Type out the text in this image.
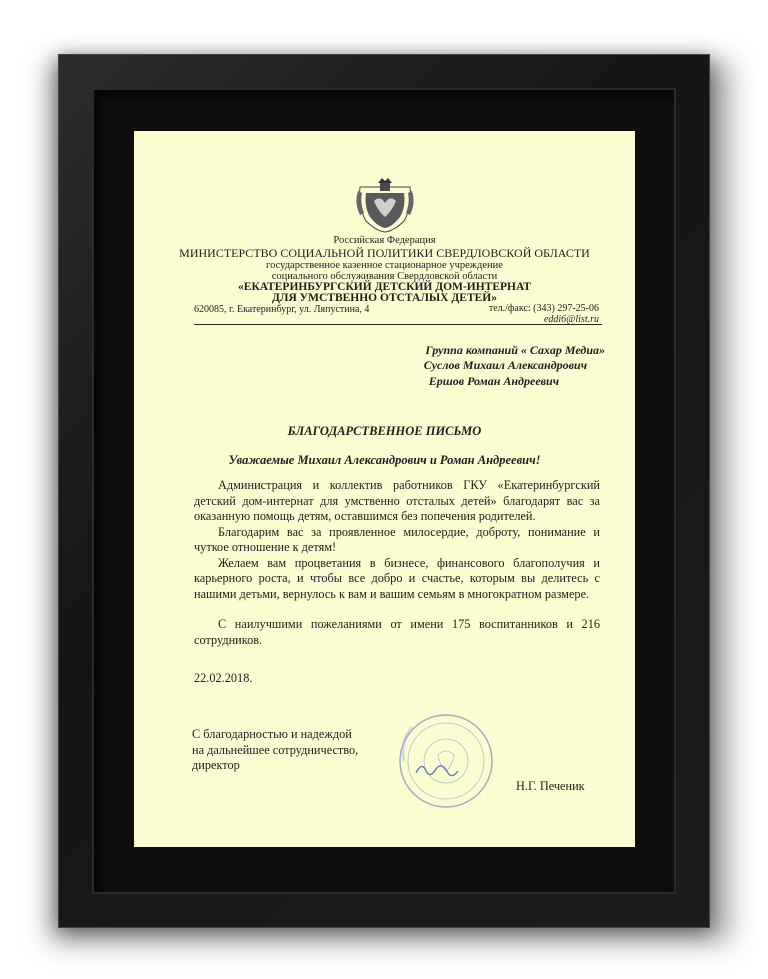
Российская Федерация
МИНИСТЕРСТВО СОЦИАЛЬНОЙ ПОЛИТИКИ СВЕРДЛОВСКОЙ ОБЛАСТИ
государственное казенное стационарное учреждение
социального обслуживания Свердловской области
«ЕКАТЕРИНБУРГСКИЙ ДЕТСКИЙ ДОМ-ИНТЕРНАТ
ДЛЯ УМСТВЕННО ОТСТАЛЫХ ДЕТЕЙ»
620085, г. Екатеринбург, ул. Ляпустина, 4	тел./факс: (343) 297-25-06
eddi6@list.ru
Группа компаний « Сахар Медиа»
Суслов Михаил Александрович
Ершов Роман Андреевич
БЛАГОДАРСТВЕННОЕ ПИСЬМО
Уважаемые Михаил Александрович и Роман Андреевич!

Администрация и коллектив работников ГКУ «Екатеринбургский детский дом-интернат для умственно отсталых детей» благодарят вас за оказанную помощь детям, оставшимся без попечения родителей.

Благодарим вас за проявленное милосердие, доброту, понимание и чуткое отношение к детям!

Желаем вам процветания в бизнесе, финансового благополучия и карьерного роста, и чтобы все добро и счастье, которым вы делитесь с нашими детьми, вернулось к вам и вашим семьям в многократном размере.

С наилучшими пожеланиями от имени 175 воспитанников и 216 сотрудников.

22.02.2018.
С благодарностью и надеждой
на дальнейшее сотрудничество,
директор
Н.Г. Печеник
